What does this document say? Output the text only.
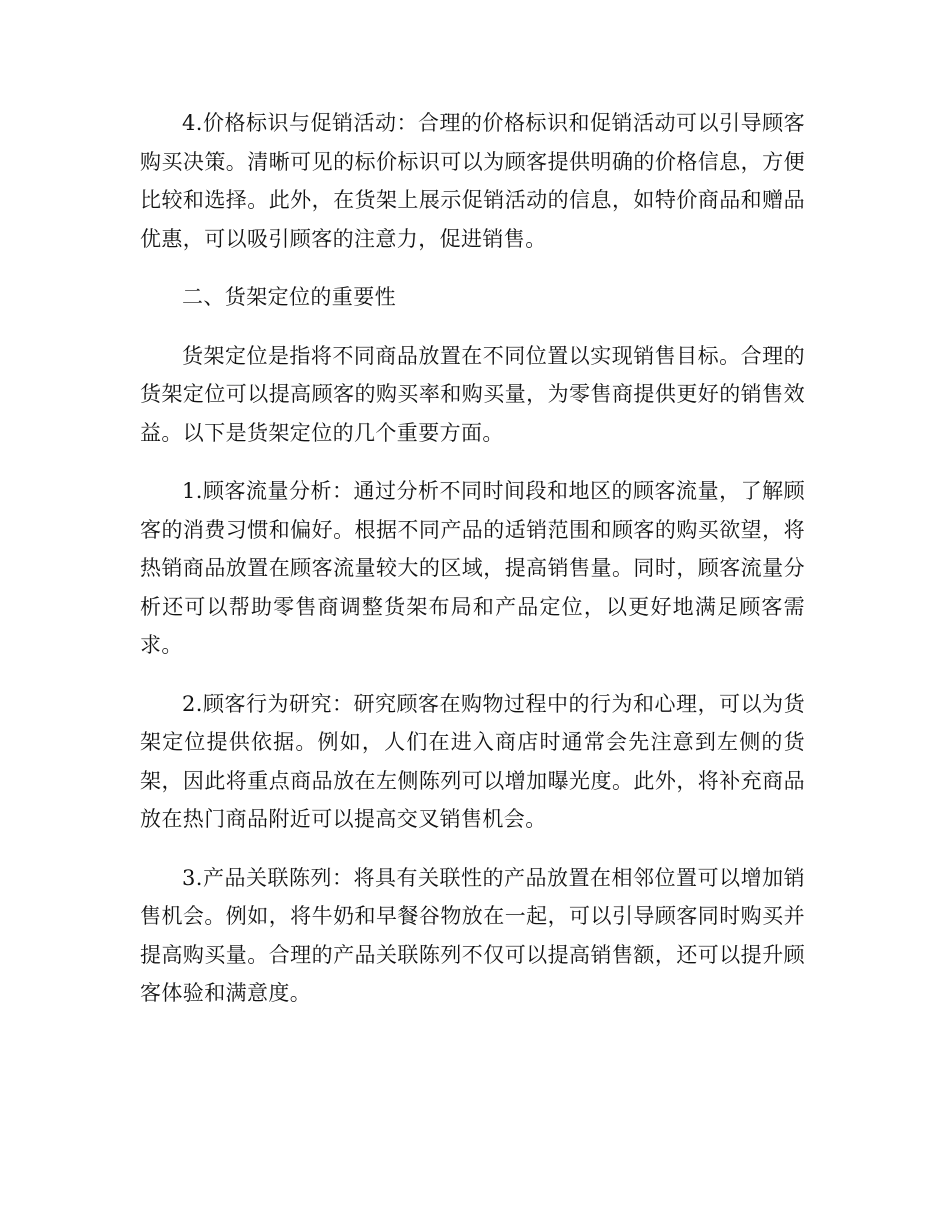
4.价格标识与促销活动：合理的价格标识和促销活动可以引导顾客购买决策。清晰可见的标价标识可以为顾客提供明确的价格信息，方便比较和选择。此外，在货架上展示促销活动的信息，如特价商品和赠品优惠，可以吸引顾客的注意力，促进销售。

二、货架定位的重要性

货架定位是指将不同商品放置在不同位置以实现销售目标。合理的货架定位可以提高顾客的购买率和购买量，为零售商提供更好的销售效益。以下是货架定位的几个重要方面。

1.顾客流量分析：通过分析不同时间段和地区的顾客流量，了解顾客的消费习惯和偏好。根据不同产品的适销范围和顾客的购买欲望，将热销商品放置在顾客流量较大的区域，提高销售量。同时，顾客流量分析还可以帮助零售商调整货架布局和产品定位，以更好地满足顾客需求。

2.顾客行为研究：研究顾客在购物过程中的行为和心理，可以为货架定位提供依据。例如，人们在进入商店时通常会先注意到左侧的货架，因此将重点商品放在左侧陈列可以增加曝光度。此外，将补充商品放在热门商品附近可以提高交叉销售机会。

3.产品关联陈列：将具有关联性的产品放置在相邻位置可以增加销售机会。例如，将牛奶和早餐谷物放在一起，可以引导顾客同时购买并提高购买量。合理的产品关联陈列不仅可以提高销售额，还可以提升顾客体验和满意度。
